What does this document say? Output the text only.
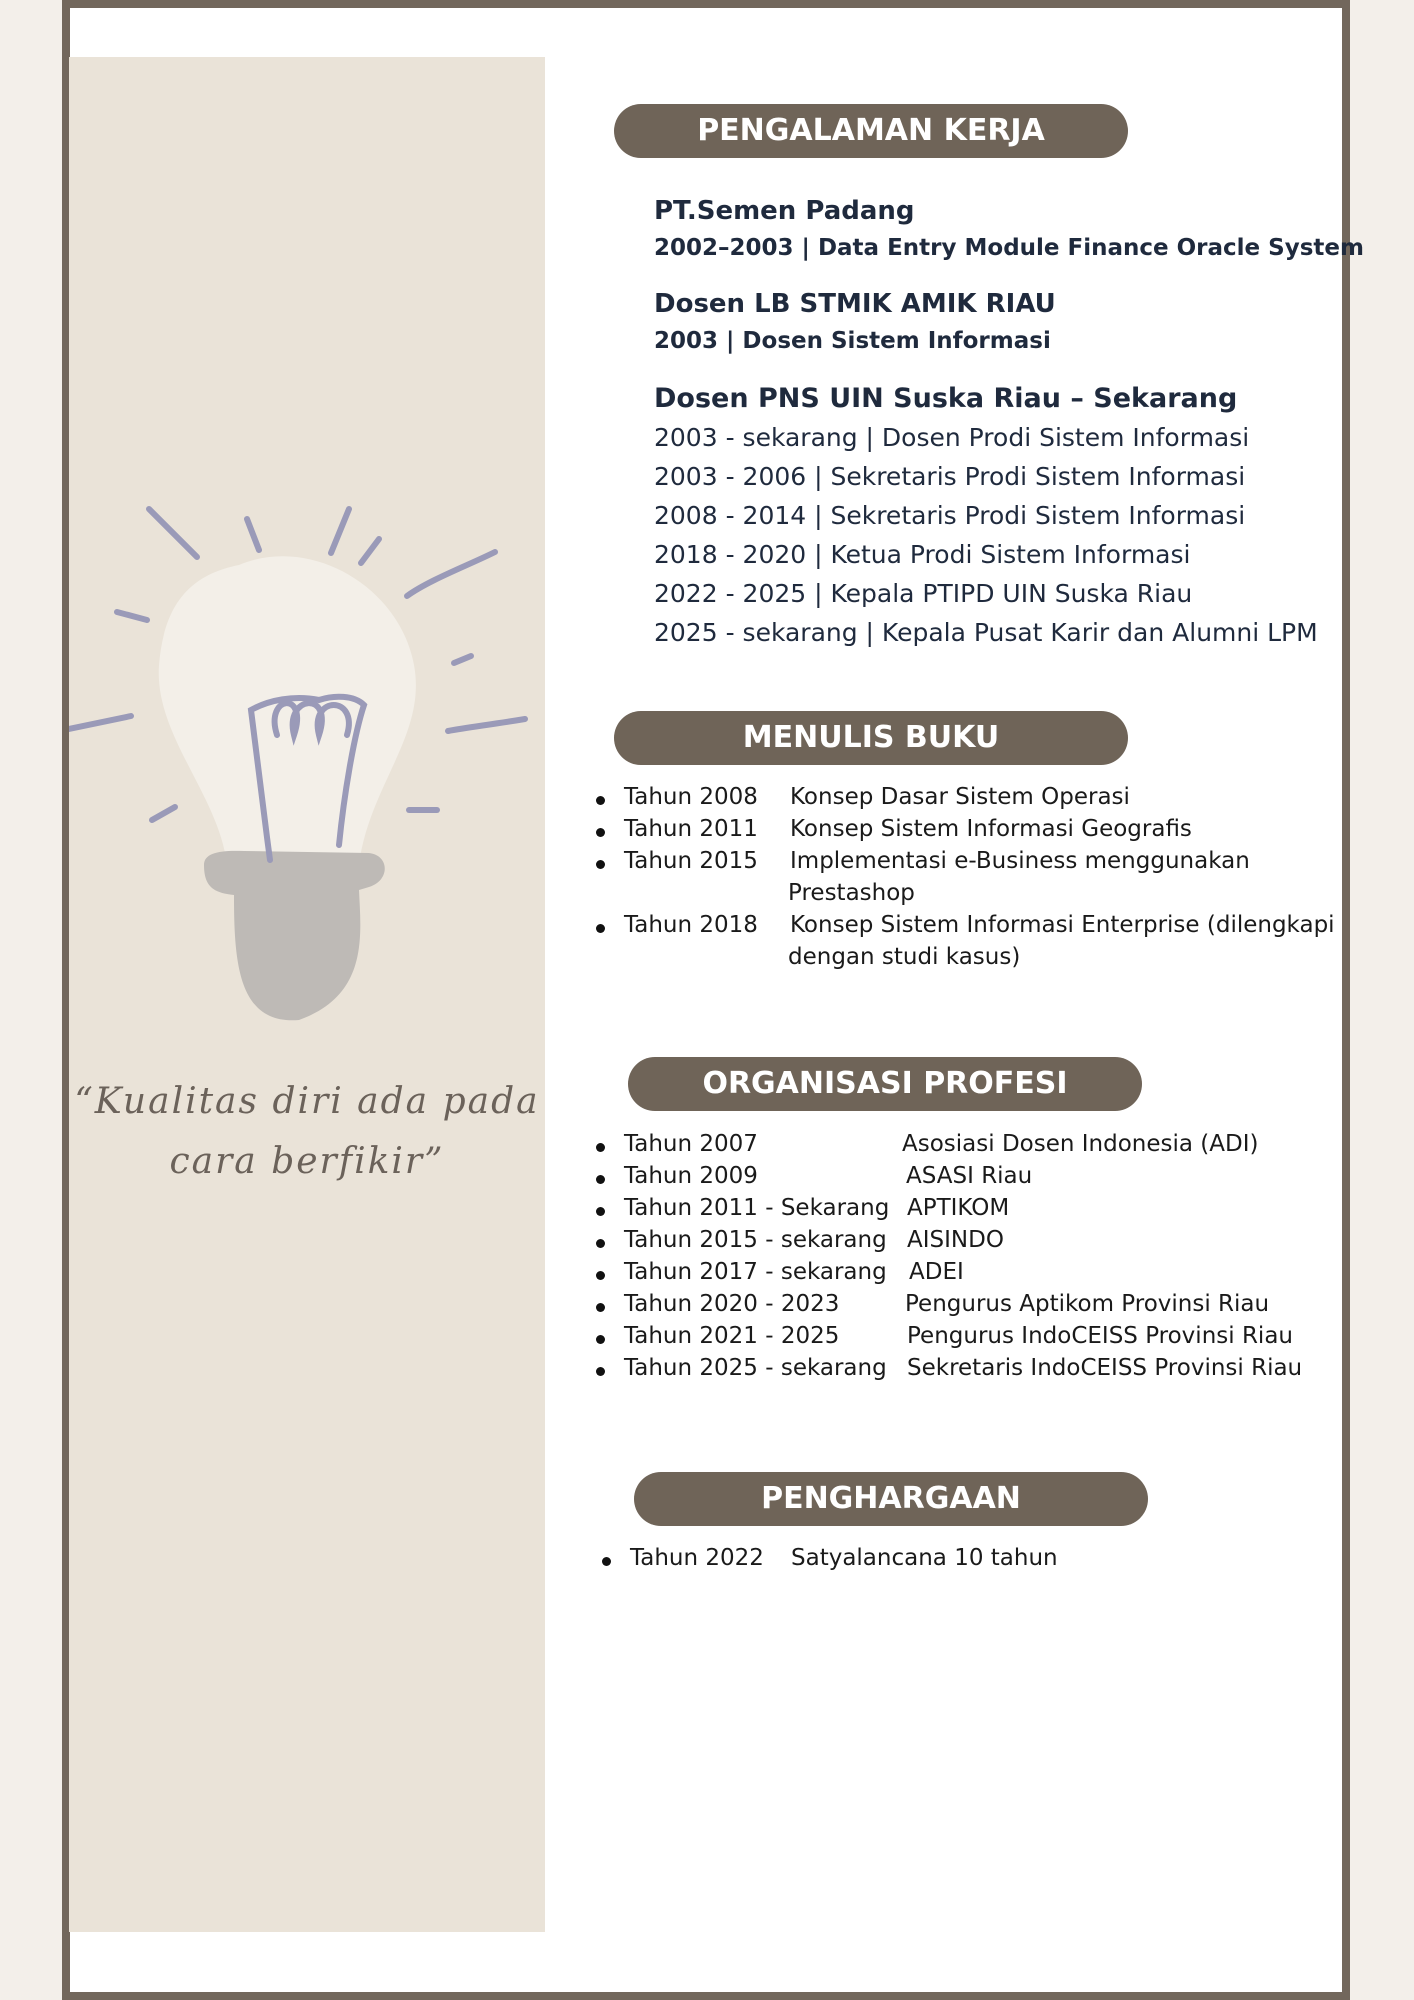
“Kualitas diri ada pada
cara berfikir”
PENGALAMAN KERJA
PT.Semen Padang
2002–2003 | Data Entry Module Finance Oracle System
Dosen LB STMIK AMIK RIAU
2003 | Dosen Sistem Informasi
Dosen PNS UIN Suska Riau – Sekarang
2003 - sekarang | Dosen Prodi Sistem Informasi
2003 - 2006 | Sekretaris Prodi Sistem Informasi
2008 - 2014 | Sekretaris Prodi Sistem Informasi
2018 - 2020 | Ketua Prodi Sistem Informasi
2022 - 2025 | Kepala PTIPD UIN Suska Riau
2025 - sekarang | Kepala Pusat Karir dan Alumni LPM
MENULIS BUKU
Tahun 2008 Konsep Dasar Sistem Operasi
Tahun 2011 Konsep Sistem Informasi Geografis
Tahun 2015 Implementasi e-Business menggunakan
Prestashop
Tahun 2018 Konsep Sistem Informasi Enterprise (dilengkapi
dengan studi kasus)
ORGANISASI PROFESI
Tahun 2007	Asosiasi Dosen Indonesia (ADI)
Tahun 2009	ASASI Riau
Tahun 2011 - Sekarang APTIKOM
Tahun 2015 - sekarang AISINDO
Tahun 2017 - sekarang ADEI
Tahun 2020 - 2023	Pengurus Aptikom Provinsi Riau
Tahun 2021 - 2025	Pengurus IndoCEISS Provinsi Riau
Tahun 2025 - sekarang Sekretaris IndoCEISS Provinsi Riau
PENGHARGAAN
Tahun 2022 Satyalancana 10 tahun
